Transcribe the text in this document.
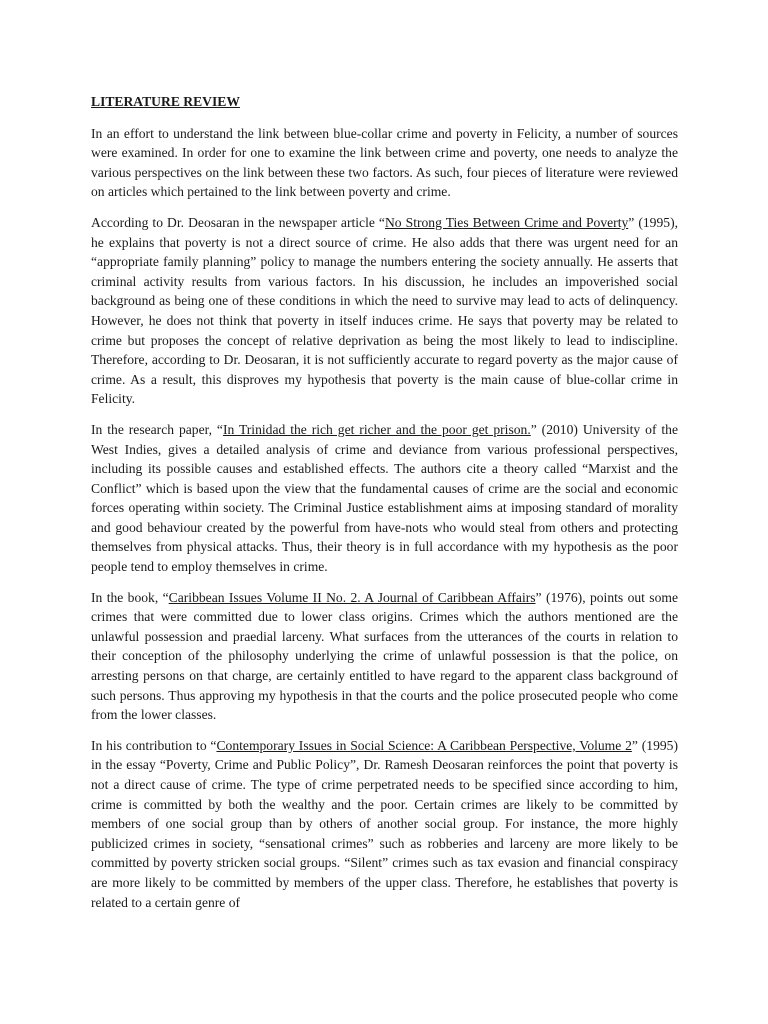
LITERATURE REVIEW

In an effort to understand the link between blue-collar crime and poverty in Felicity, a number of sources were examined. In order for one to examine the link between crime and poverty, one needs to analyze the various perspectives on the link between these two factors. As such, four pieces of literature were reviewed on articles which pertained to the link between poverty and crime.

According to Dr. Deosaran in the newspaper article “No Strong Ties Between Crime and Poverty” (1995), he explains that poverty is not a direct source of crime. He also adds that there was urgent need for an “appropriate family planning” policy to manage the numbers entering the society annually. He asserts that criminal activity results from various factors. In his discussion, he includes an impoverished social background as being one of these conditions in which the need to survive may lead to acts of delinquency. However, he does not think that poverty in itself induces crime. He says that poverty may be related to crime but proposes the concept of relative deprivation as being the most likely to lead to indiscipline. Therefore, according to Dr. Deosaran, it is not sufficiently accurate to regard poverty as the major cause of crime. As a result, this disproves my hypothesis that poverty is the main cause of blue-collar crime in Felicity.

In the research paper, “In Trinidad the rich get richer and the poor get prison.” (2010) University of the West Indies, gives a detailed analysis of crime and deviance from various professional perspectives, including its possible causes and established effects. The authors cite a theory called “Marxist and the Conflict” which is based upon the view that the fundamental causes of crime are the social and economic forces operating within society. The Criminal Justice establishment aims at imposing standard of morality and good behaviour created by the powerful from have-nots who would steal from others and protecting themselves from physical attacks. Thus, their theory is in full accordance with my hypothesis as the poor people tend to employ themselves in crime.

In the book, “Caribbean Issues Volume II No. 2. A Journal of Caribbean Affairs” (1976), points out some crimes that were committed due to lower class origins. Crimes which the authors mentioned are the unlawful possession and praedial larceny. What surfaces from the utterances of the courts in relation to their conception of the philosophy underlying the crime of unlawful possession is that the police, on arresting persons on that charge, are certainly entitled to have regard to the apparent class background of such persons. Thus approving my hypothesis in that the courts and the police prosecuted people who come from the lower classes.

In his contribution to “Contemporary Issues in Social Science: A Caribbean Perspective, Volume 2” (1995) in the essay “Poverty, Crime and Public Policy”, Dr. Ramesh Deosaran reinforces the point that poverty is not a direct cause of crime. The type of crime perpetrated needs to be specified since according to him, crime is committed by both the wealthy and the poor. Certain crimes are likely to be committed by members of one social group than by others of another social group. For instance, the more highly publicized crimes in society, “sensational crimes” such as robberies and larceny are more likely to be committed by poverty stricken social groups. “Silent” crimes such as tax evasion and financial conspiracy are more likely to be committed by members of the upper class. Therefore, he establishes that poverty is related to a certain genre of
